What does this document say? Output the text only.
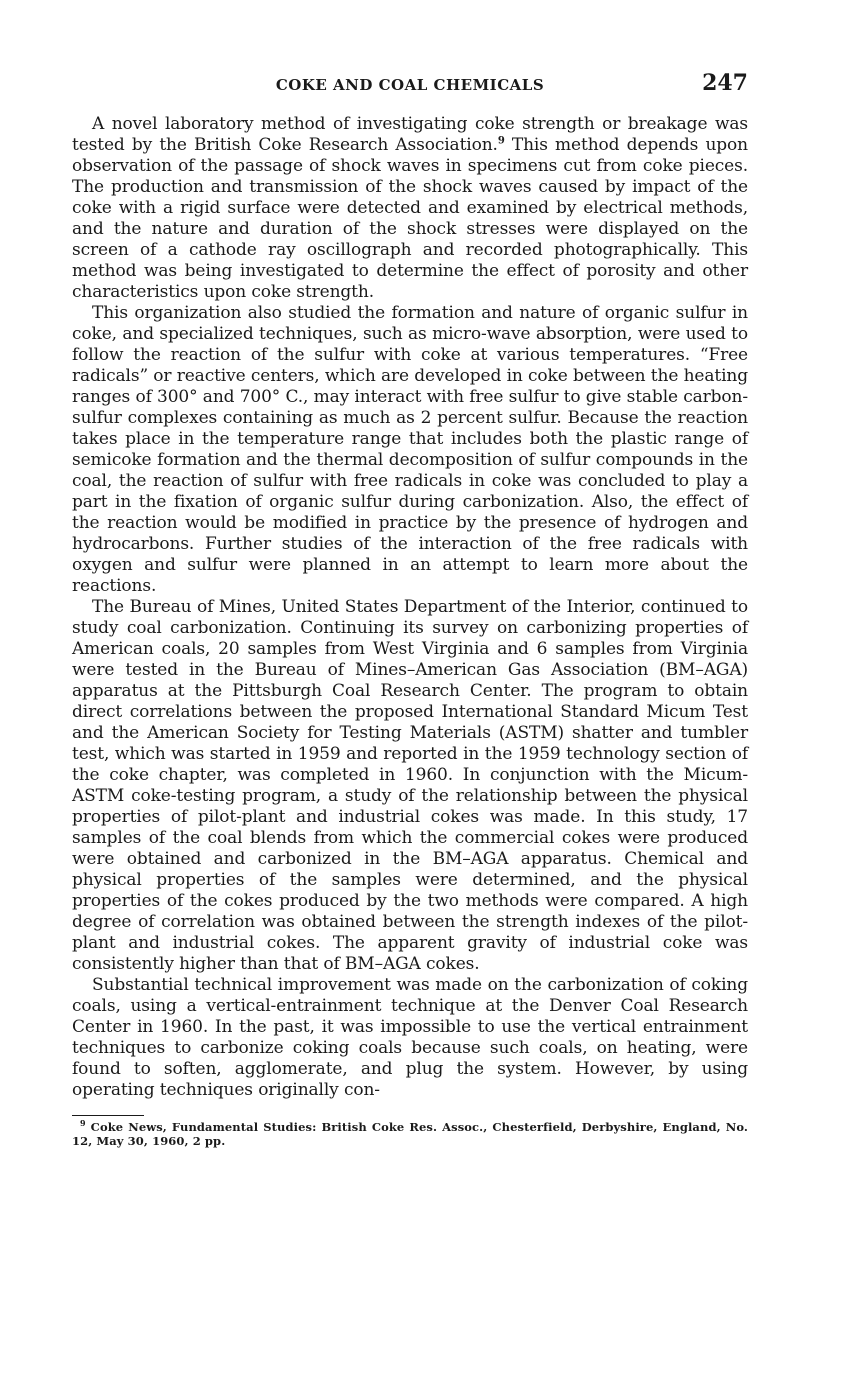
COKE AND COAL CHEMICALS	247

A novel laboratory method of investigating coke strength or breakage was tested by the British Coke Research Association.$^9$ This method depends upon observation of the passage of shock waves in specimens cut from coke pieces. The production and transmission of the shock waves caused by impact of the coke with a rigid surface were detected and examined by electrical methods, and the nature and duration of the shock stresses were displayed on the screen of a cathode ray oscillograph and recorded photographically. This method was being investigated to determine the effect of porosity and other characteristics upon coke strength.

This organization also studied the formation and nature of organic sulfur in coke, and specialized techniques, such as micro-wave absorption, were used to follow the reaction of the sulfur with coke at various temperatures. “Free radicals” or reactive centers, which are developed in coke between the heating ranges of 300° and 700° C., may interact with free sulfur to give stable carbon-sulfur complexes containing as much as 2 percent sulfur. Because the reaction takes place in the temperature range that includes both the plastic range of semicoke formation and the thermal decomposition of sulfur compounds in the coal, the reaction of sulfur with free radicals in coke was concluded to play a part in the fixation of organic sulfur during carbonization. Also, the effect of the reaction would be modified in practice by the presence of hydrogen and hydrocarbons. Further studies of the interaction of the free radicals with oxygen and sulfur were planned in an attempt to learn more about the reactions.

The Bureau of Mines, United States Department of the Interior, continued to study coal carbonization. Continuing its survey on carbonizing properties of American coals, 20 samples from West Virginia and 6 samples from Virginia were tested in the Bureau of Mines–American Gas Association (BM–AGA) apparatus at the Pittsburgh Coal Research Center. The program to obtain direct correlations between the proposed International Standard Micum Test and the American Society for Testing Materials (ASTM) shatter and tumbler test, which was started in 1959 and reported in the 1959 technology section of the coke chapter, was completed in 1960. In conjunction with the Micum-ASTM coke-testing program, a study of the relationship between the physical properties of pilot-plant and industrial cokes was made. In this study, 17 samples of the coal blends from which the commercial cokes were produced were obtained and carbonized in the BM–AGA apparatus. Chemical and physical properties of the samples were determined, and the physical properties of the cokes produced by the two methods were compared. A high degree of correlation was obtained between the strength indexes of the pilot-plant and industrial cokes. The apparent gravity of industrial coke was consistently higher than that of BM–AGA cokes.

Substantial technical improvement was made on the carbonization of coking coals, using a vertical-entrainment technique at the Denver Coal Research Center in 1960. In the past, it was impossible to use the vertical entrainment techniques to carbonize coking coals because such coals, on heating, were found to soften, agglomerate, and plug the system. However, by using operating techniques originally con-

$^9$ Coke News, Fundamental Studies: British Coke Res. Assoc., Chesterfield, Derbyshire, England, No. 12, May 30, 1960, 2 pp.
